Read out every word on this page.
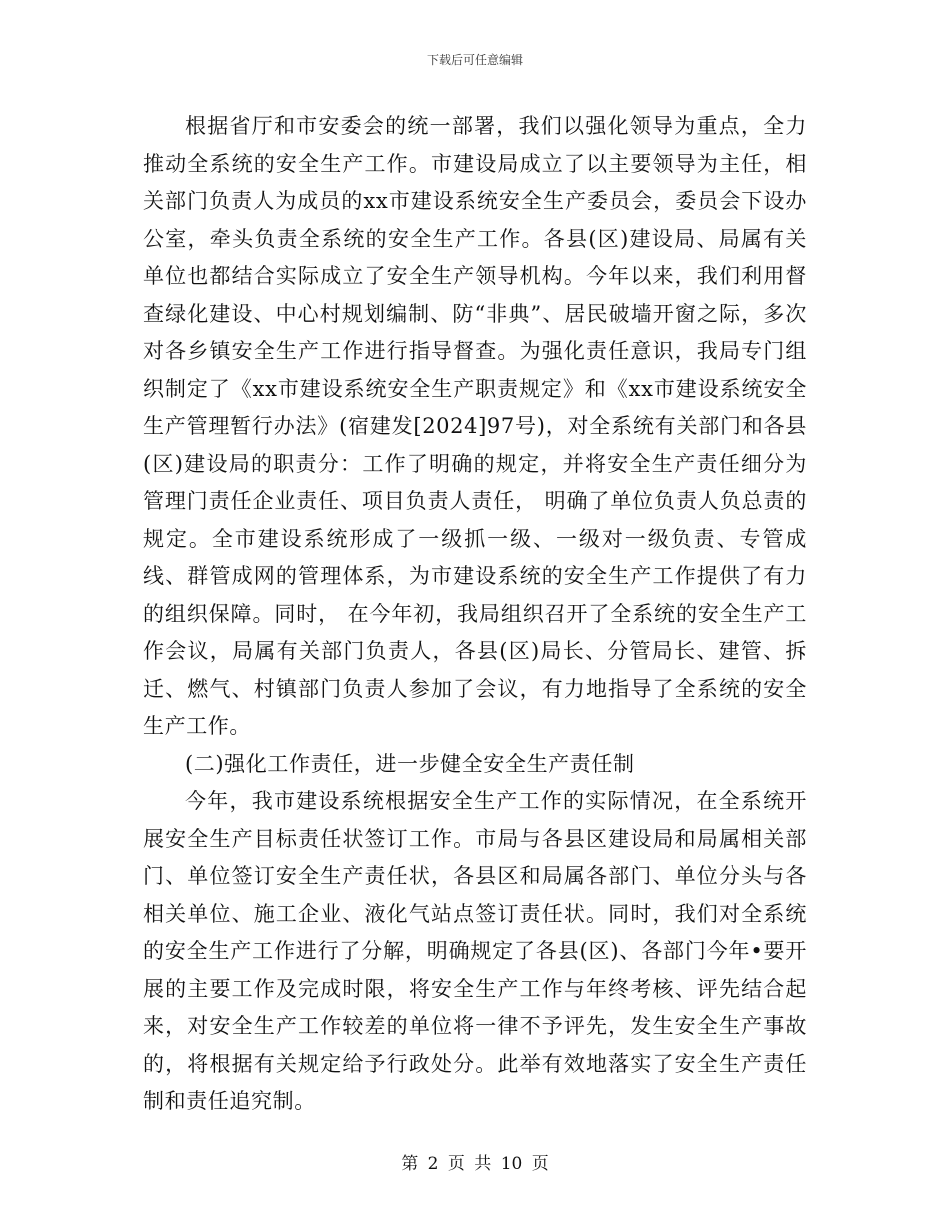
下载后可任意编辑

根据省厅和市安委会的统一部署，我们以强化领导为重点，全力推动全系统的安全生产工作。市建设局成立了以主要领导为主任，相关部门负责人为成员的xx市建设系统安全生产委员会，委员会下设办公室，牵头负责全系统的安全生产工作。各县(区)建设局、局属有关单位也都结合实际成立了安全生产领导机构。今年以来，我们利用督查绿化建设、中心村规划编制、防“非典”、居民破墙开窗之际，多次对各乡镇安全生产工作进行指导督查。为强化责任意识，我局专门组织制定了《xx市建设系统安全生产职责规定》和《xx市建设系统安全生产管理暂行办法》(宿建发[2024]97号)，对全系统有关部门和各县(区)建设局的职责分：工作了明确的规定，并将安全生产责任细分为管理门责任企业责任、项目负责人责任， 明确了单位负责人负总责的规定。全市建设系统形成了一级抓一级、一级对一级负责、专管成线、群管成网的管理体系，为市建设系统的安全生产工作提供了有力的组织保障。同时， 在今年初，我局组织召开了全系统的安全生产工作会议，局属有关部门负责人，各县(区)局长、分管局长、建管、拆迁、燃气、村镇部门负责人参加了会议，有力地指导了全系统的安全生产工作。

(二)强化工作责任，进一步健全安全生产责任制

今年，我市建设系统根据安全生产工作的实际情况，在全系统开展安全生产目标责任状签订工作。市局与各县区建设局和局属相关部门、单位签订安全生产责任状，各县区和局属各部门、单位分头与各相关单位、施工企业、液化气站点签订责任状。同时，我们对全系统的安全生产工作进行了分解，明确规定了各县(区)、各部门今年•要开展的主要工作及完成时限，将安全生产工作与年终考核、评先结合起来，对安全生产工作较差的单位将一律不予评先，发生安全生产事故的，将根据有关规定给予行政处分。此举有效地落实了安全生产责任制和责任追究制。

第 2 页 共 10 页
